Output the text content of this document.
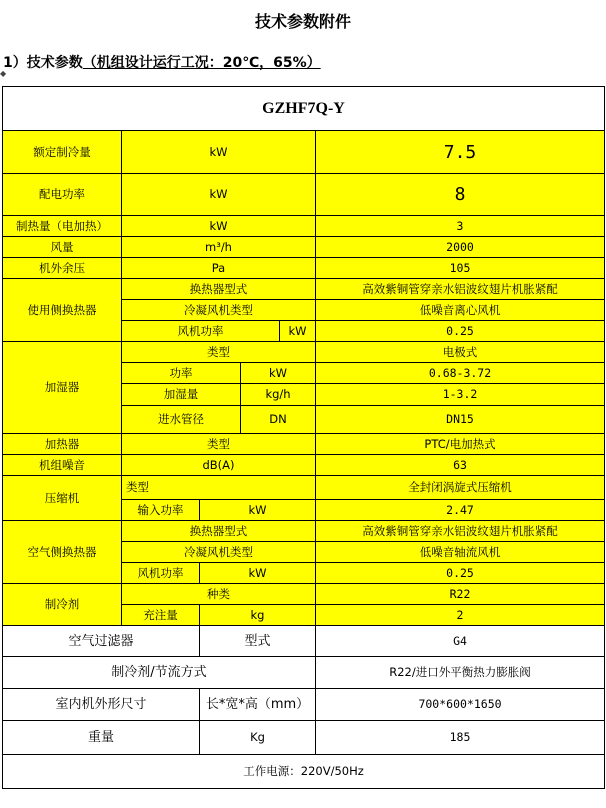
技术参数附件
1）技术参数（机组设计运行工况：20℃，65%）
◆
GZHF7Q-Y					
额定制冷量	kW				7.5
配电功率	kW				8
制热量（电加热）	kW				3
风量	m³/h				2000
机外余压	Pa				105
使用侧换热器	换热器型式				高效紫铜管穿亲水铝波纹翅片机胀紧配
	冷凝风机类型				低噪音离心风机
	风机功率			kW	0.25
加湿器	类型				电极式
	功率		kW		0.68-3.72
	加湿量		kg/h		1-3.2
	进水管径		DN		DN15
加热器	类型				PTC/电加热式
机组噪音	dB(A)				63
压缩机	类型				全封闭涡旋式压缩机
	输入功率	kW			2.47
空气侧换热器	换热器型式				高效紫铜管穿亲水铝波纹翅片机胀紧配
	冷凝风机类型				低噪音轴流风机
	风机功率	kW			0.25
制冷剂	种类				R22
	充注量	kg			2
空气过滤器		型式			G4
制冷剂/节流方式					R22/进口外平衡热力膨胀阀
室内机外形尺寸		长*宽*高（mm）			700*600*1650
重量		Kg			185
工作电源：220V/50Hz					
